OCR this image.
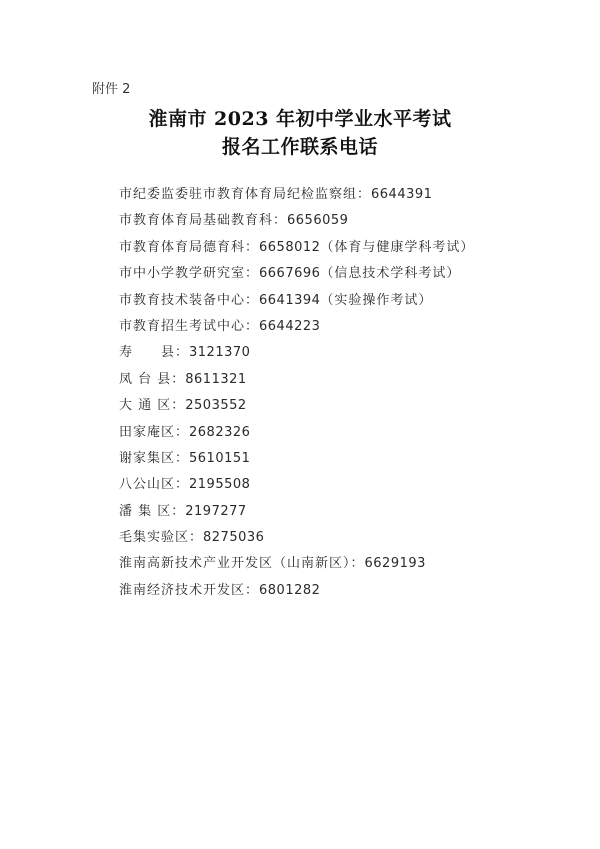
附件 2
淮南市 2023 年初中学业水平考试
报名工作联系电话
市纪委监委驻市教育体育局纪检监察组：6644391
市教育体育局基础教育科：6656059
市教育体育局德育科：6658012（体育与健康学科考试）
市中小学教学研究室：6667696（信息技术学科考试）
市教育技术装备中心：6641394（实验操作考试）
市教育招生考试中心：6644223
寿　　县：3121370
凤 台 县：8611321
大 通 区：2503552
田家庵区：2682326
谢家集区：5610151
八公山区：2195508
潘 集 区：2197277
毛集实验区：8275036
淮南高新技术产业开发区（山南新区）：6629193
淮南经济技术开发区：6801282
